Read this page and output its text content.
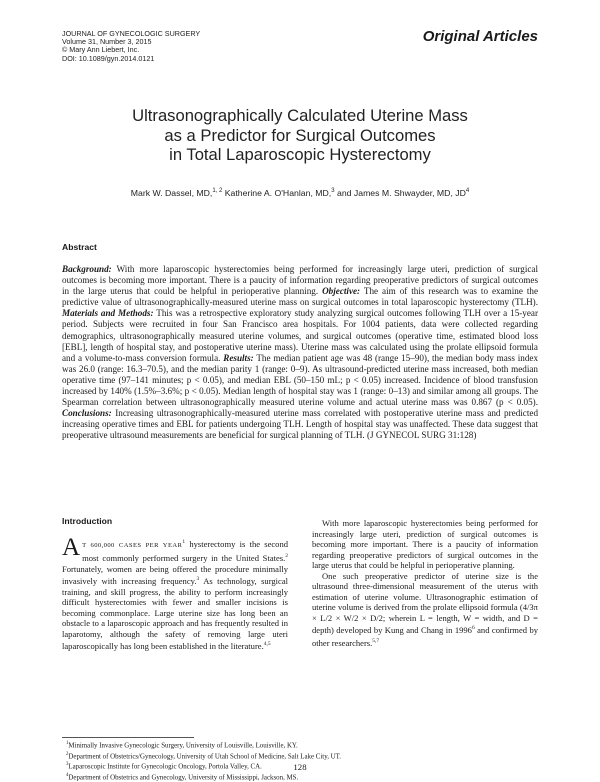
JOURNAL OF GYNECOLOGIC SURGERY
Volume 31, Number 3, 2015
© Mary Ann Liebert, Inc.
DOI: 10.1089/gyn.2014.0121
Original Articles
Ultrasonographically Calculated Uterine Mass
as a Predictor for Surgical Outcomes
in Total Laparoscopic Hysterectomy
Mark W. Dassel, MD,$^{1, 2}$ Katherine A. O'Hanlan, MD,$^3$ and James M. Shwayder, MD, $JD^4$
Abstract
Background: With more laparoscopic hysterectomies being performed for increasingly large uteri, prediction of surgical outcomes is becoming more important. There is a paucity of information regarding preoperative predictors of surgical outcomes in the large uterus that could be helpful in perioperative planning. Objective: The aim of this research was to examine the predictive value of ultrasonographically-measured uterine mass on surgical outcomes in total laparoscopic hysterectomy (TLH). Materials and Methods: This was a retrospective exploratory study analyzing surgical outcomes following TLH over a 15-year period. Subjects were recruited in four San Francisco area hospitals. For 1004 patients, data were collected regarding demographics, ultrasonographically measured uterine volumes, and surgical outcomes (operative time, estimated blood loss [EBL], length of hospital stay, and postoperative uterine mass). Uterine mass was calculated using the prolate ellipsoid formula and a volume-to-mass conversion formula. Results: The median patient age was 48 (range 15–90), the median body mass index was 26.0 (range: 16.3–70.5), and the median parity 1 (range: 0–9). As ultrasound-predicted uterine mass increased, both median operative time (97–141 minutes; p < 0.05), and median EBL (50–150 mL; p < 0.05) increased. Incidence of blood transfusion increased by 140% (1.5%–3.6%; p < 0.05). Median length of hospital stay was 1 (range: 0–13) and similar among all groups. The Spearman correlation between ultrasonographically measured uterine volume and actual uterine mass was 0.867 (p < 0.05). Conclusions: Increasing ultrasonographically-measured uterine mass correlated with postoperative uterine mass and predicted increasing operative times and EBL for patients undergoing TLH. Length of hospital stay was unaffected. These data suggest that preoperative ultrasound measurements are beneficial for surgical planning of TLH. (J GYNECOL SURG 31:128)
Introduction

A T 600,000 CASES PER YEAR$^1$ hysterectomy is the second most commonly performed surgery in the United States.$^2$ Fortunately, women are being offered the procedure minimally invasively with increasing frequency.$^3$ As technology, surgical training, and skill progress, the ability to perform increasingly difficult hysterectomies with fewer and smaller incisions is becoming commonplace. Large uterine size has long been an obstacle to a laparoscopic approach and has frequently resulted in laparotomy, although the safety of removing large uteri laparoscopically has long been established in the literature.$^{4,5}$

With more laparoscopic hysterectomies being performed for increasingly large uteri, prediction of surgical outcomes is becoming more important. There is a paucity of information regarding preoperative predictors of surgical outcomes in the large uterus that could be helpful in perioperative planning.

One such preoperative predictor of uterine size is the ultrasound three-dimensional measurement of the uterus with estimation of uterine volume. Ultrasonographic estimation of uterine volume is derived from the prolate ellipsoid formula (4/3π × L/2 × W/2 × D/2; wherein L = length, W = width, and D = depth) developed by Kung and Chang in 1996$^6$ and confirmed by other researchers.$^{5,7}$

$^1$Minimally Invasive Gynecologic Surgery, University of Louisville, Louisville, KY.
$^2$Department of Obstetrics/Gynecology, University of Utah School of Medicine, Salt Lake City, UT.
$^3$Laparoscopic Institute for Gynecologic Oncology, Portola Valley, CA.
$^4$Department of Obstetrics and Gynecology, University of Mississippi, Jackson, MS.
128
